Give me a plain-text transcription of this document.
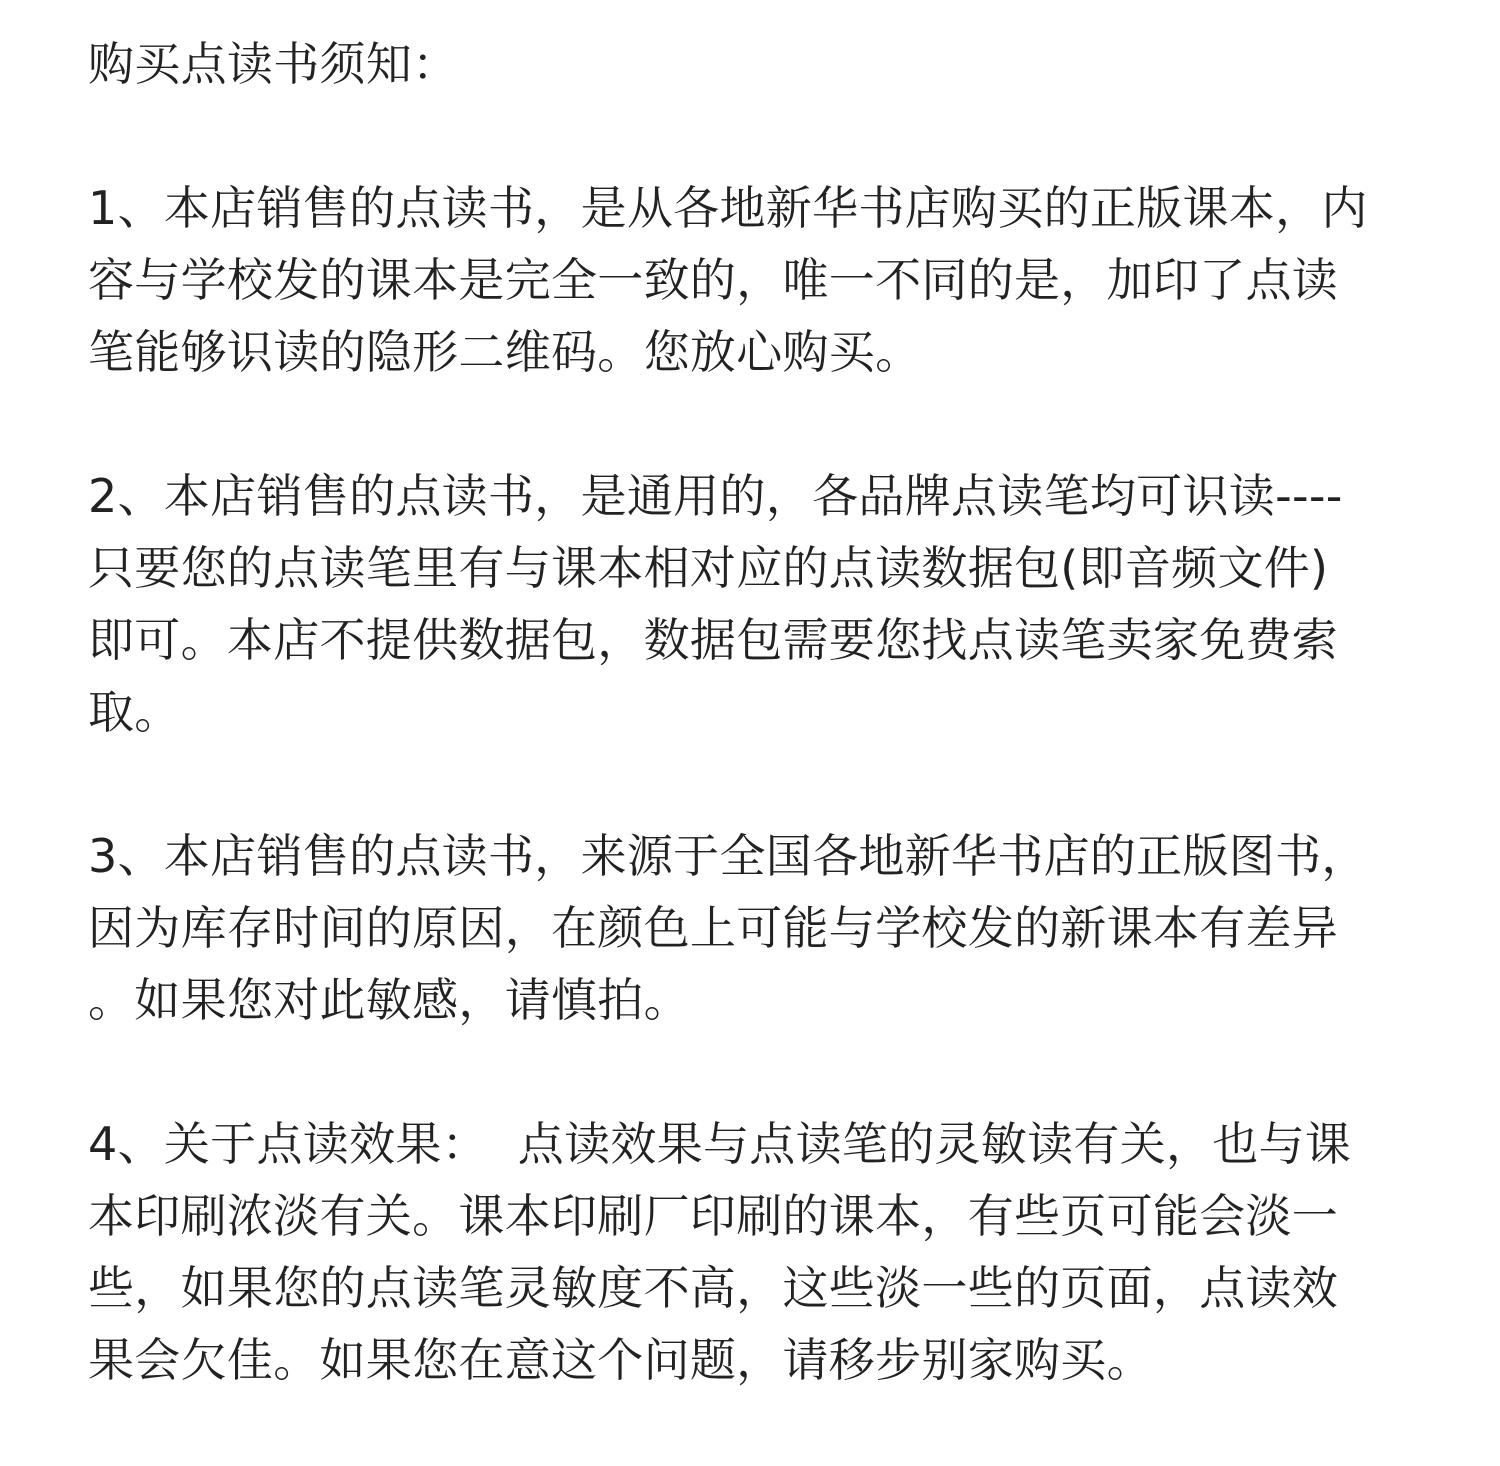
购买点读书须知：
1、本店销售的点读书，是从各地新华书店购买的正版课本，内
容与学校发的课本是完全一致的，唯一不同的是，加印了点读
笔能够识读的隐形二维码。您放心购买。
2、本店销售的点读书，是通用的，各品牌点读笔均可识读----
只要您的点读笔里有与课本相对应的点读数据包(即音频文件)
即可。本店不提供数据包，数据包需要您找点读笔卖家免费索
取。
3、本店销售的点读书，来源于全国各地新华书店的正版图书，
因为库存时间的原因，在颜色上可能与学校发的新课本有差异
。如果您对此敏感，请慎拍。
4、关于点读效果：  点读效果与点读笔的灵敏读有关，也与课
本印刷浓淡有关。课本印刷厂印刷的课本，有些页可能会淡一
些，如果您的点读笔灵敏度不高，这些淡一些的页面，点读效
果会欠佳。如果您在意这个问题，请移步别家购买。
